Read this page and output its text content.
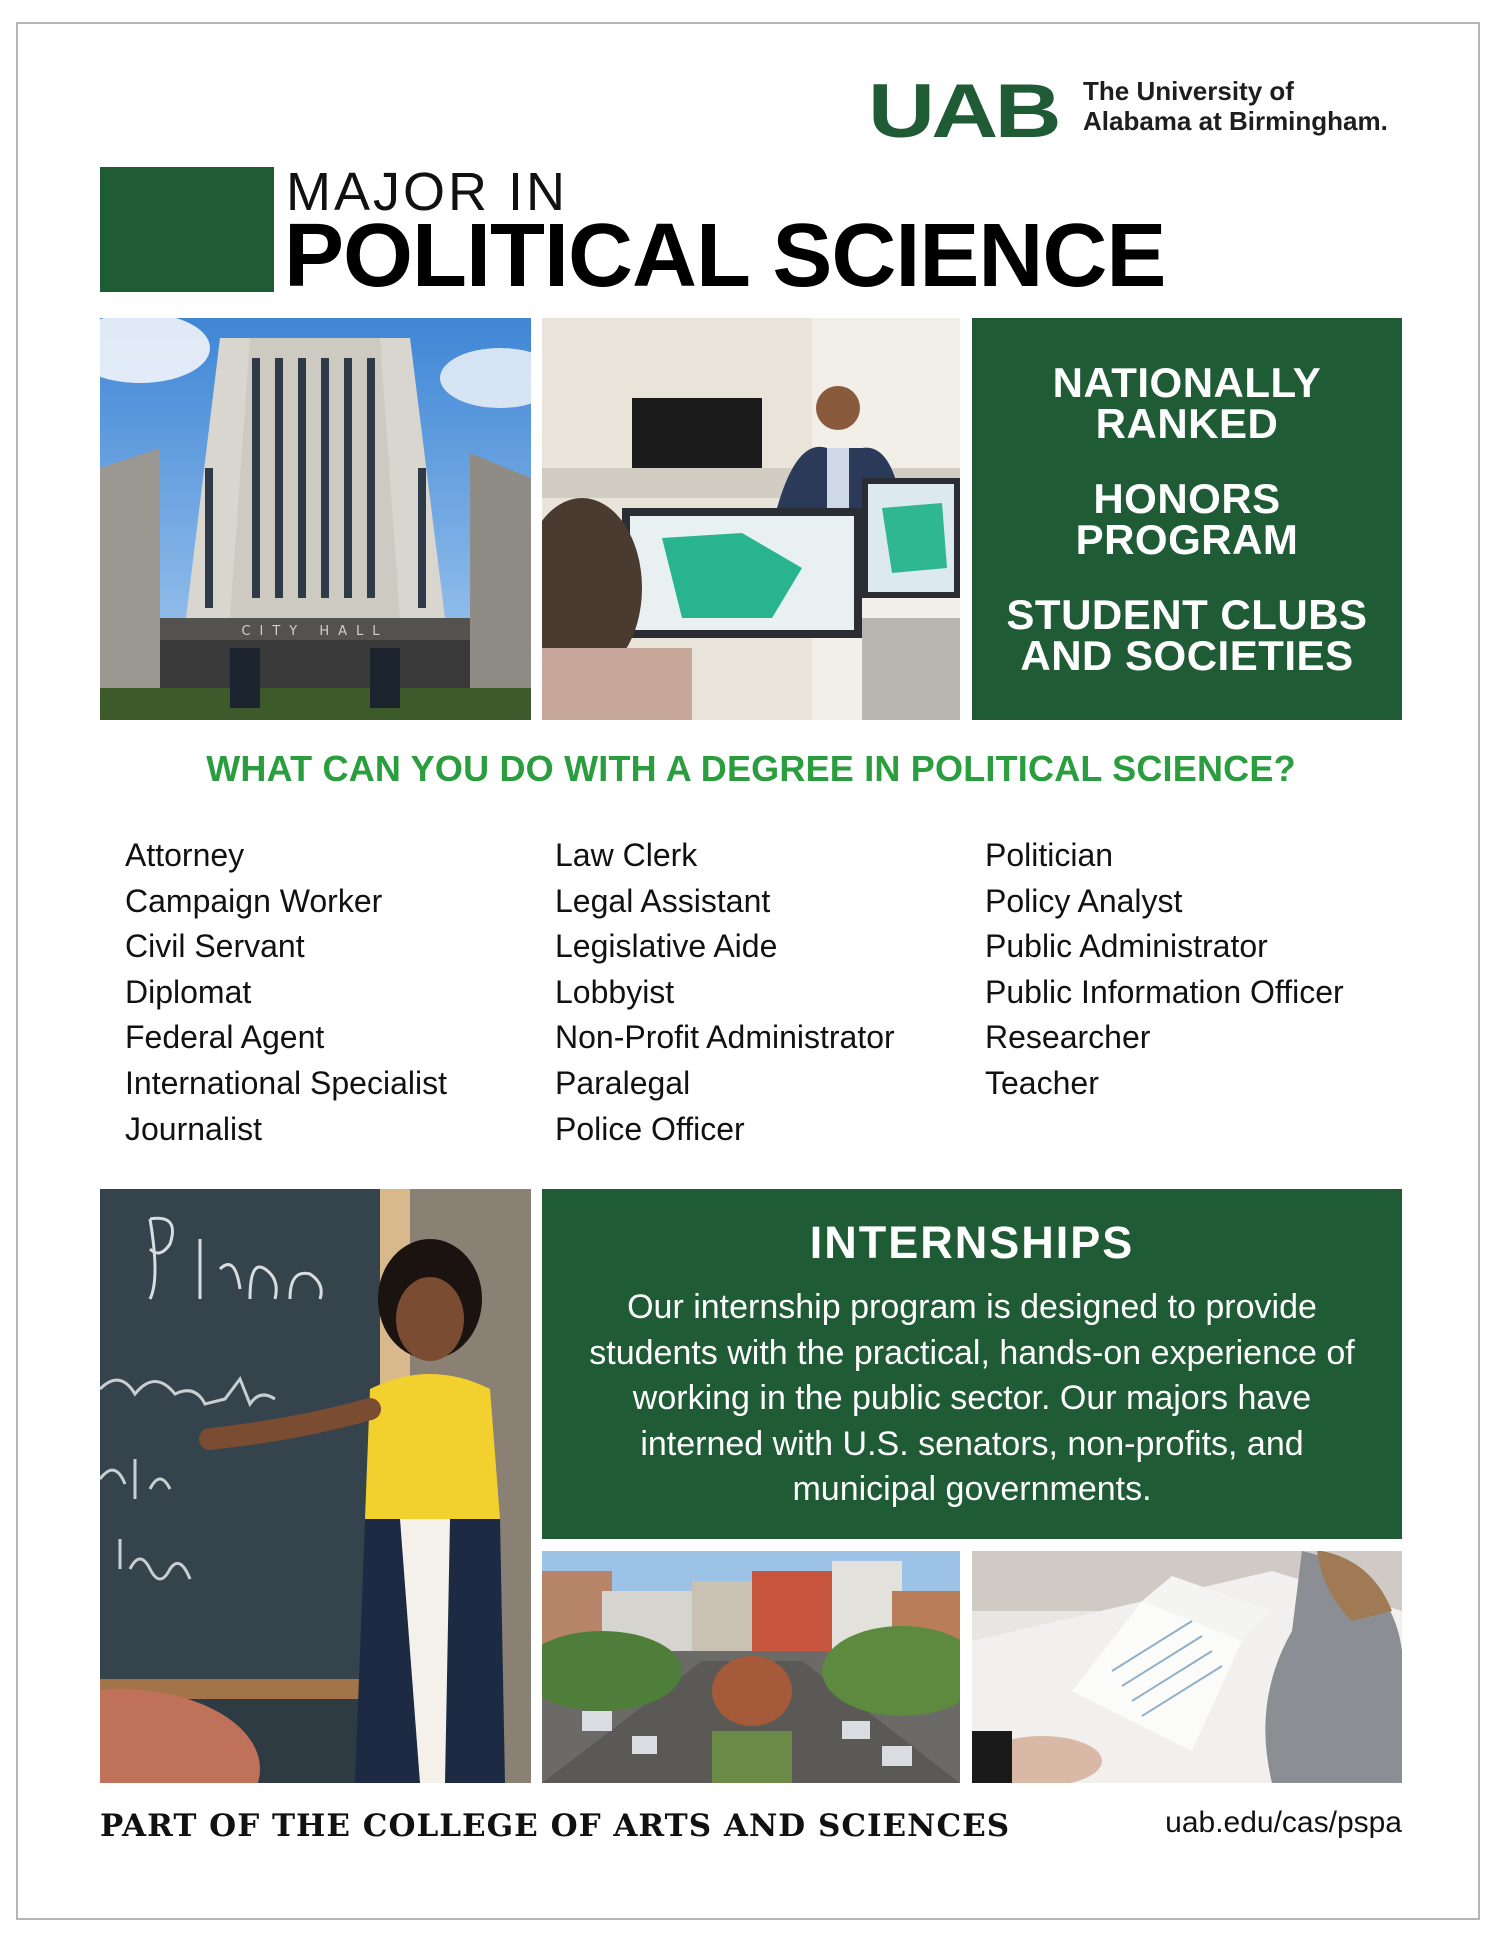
UAB The University of
Alabama at Birmingham.
MAJOR IN
POLITICAL SCIENCE
CITY HALL
NATIONALLY
RANKED
HONORS
PROGRAM
STUDENT CLUBS
AND SOCIETIES
WHAT CAN YOU DO WITH A DEGREE IN POLITICAL SCIENCE?
Attorney
Campaign Worker
Civil Servant
Diplomat
Federal Agent
International Specialist
Journalist
Law Clerk
Legal Assistant
Legislative Aide
Lobbyist
Non-Profit Administrator
Paralegal
Police Officer
Politician
Policy Analyst
Public Administrator
Public Information Officer
Researcher
Teacher
INTERNSHIPS

Our internship program is designed to provide students with the practical, hands-on experience of working in the public sector. Our majors have interned with U.S. senators, non-profits, and municipal governments.

PART OF THE COLLEGE OF ARTS AND SCIENCES	uab.edu/cas/pspa
